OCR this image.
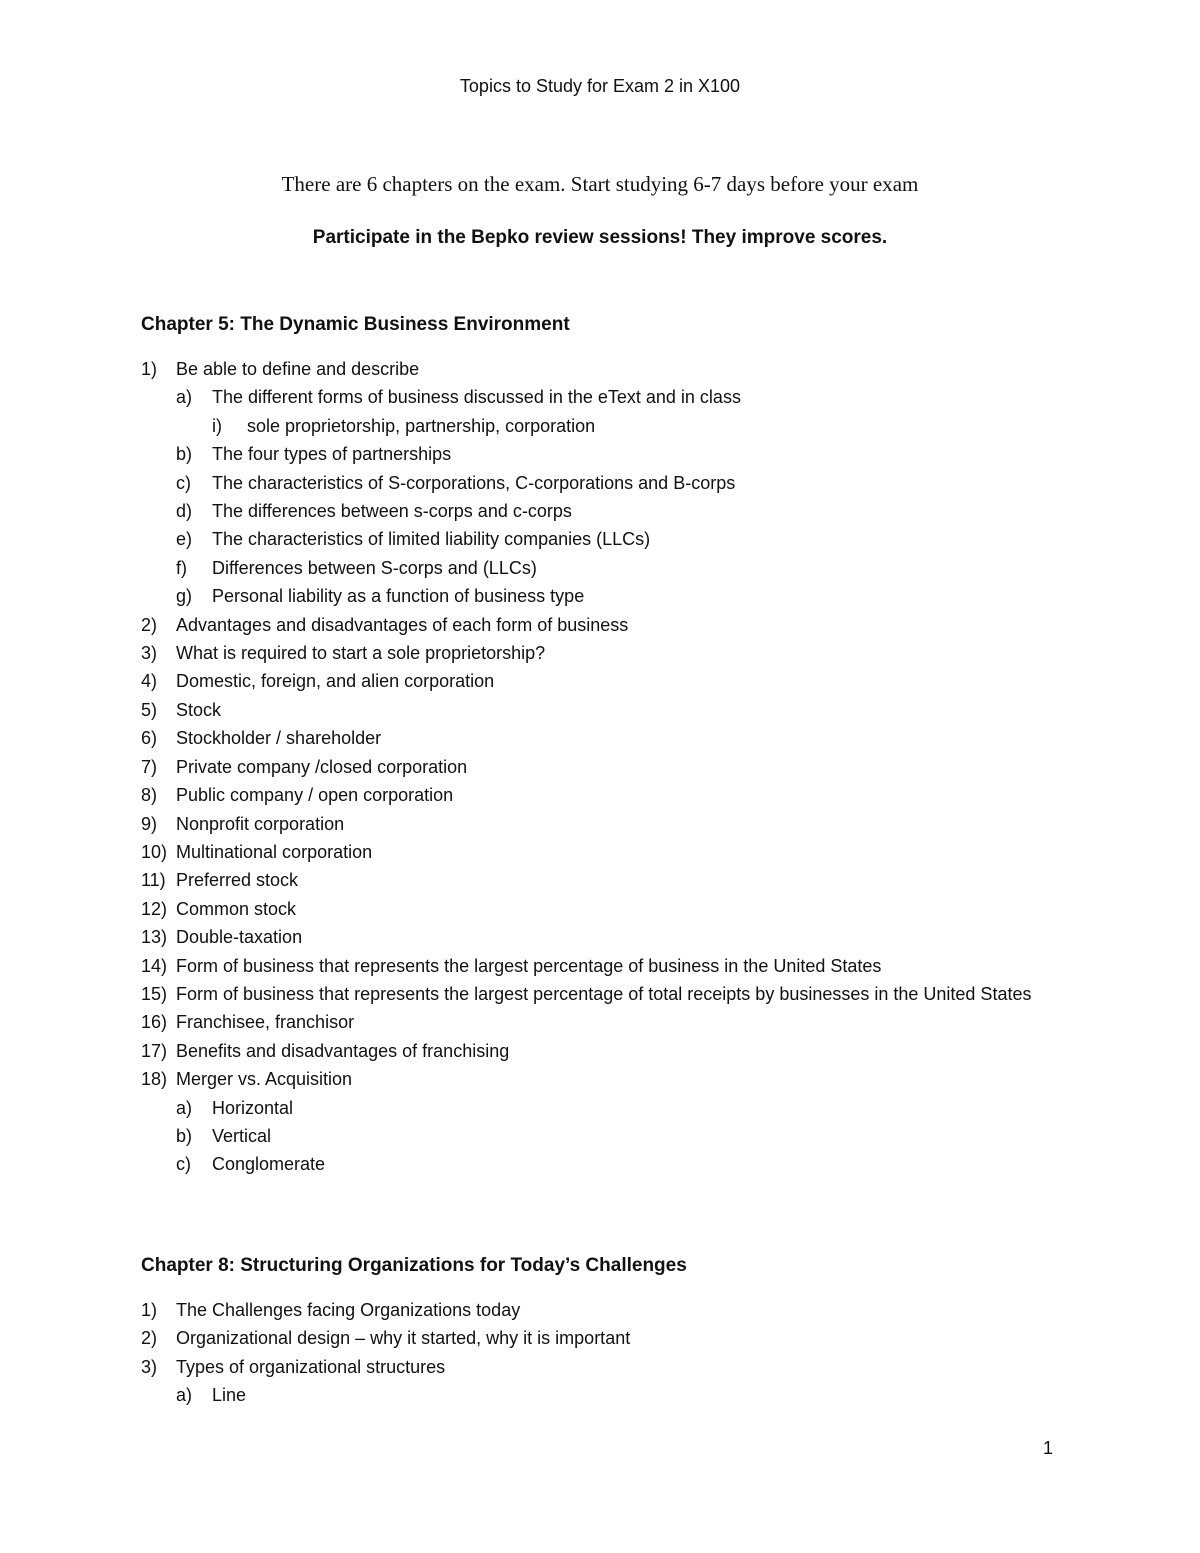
Topics to Study for Exam 2 in X100
There are 6 chapters on the exam. Start studying 6-7 days before your exam
Participate in the Bepko review sessions! They improve scores.
Chapter 5: The Dynamic Business Environment
1)	Be able to define and describe
a)	The different forms of business discussed in the eText and in class
i)	sole proprietorship, partnership, corporation
b)	The four types of partnerships
c)	The characteristics of S-corporations, C-corporations and B-corps
d)	The differences between s-corps and c-corps
e)	The characteristics of limited liability companies (LLCs)
f)	Differences between S-corps and (LLCs)
g)	Personal liability as a function of business type
2)	Advantages and disadvantages of each form of business
3)	What is required to start a sole proprietorship?
4)	Domestic, foreign, and alien corporation
5)	Stock
6)	Stockholder / shareholder
7)	Private company /closed corporation
8)	Public company / open corporation
9)	Nonprofit corporation
10) Multinational corporation
11) Preferred stock
12) Common stock
13) Double-taxation
14) Form of business that represents the largest percentage of business in the United States
15) Form of business that represents the largest percentage of total receipts by businesses in the United States
16) Franchisee, franchisor
17) Benefits and disadvantages of franchising
18) Merger vs. Acquisition
a)	Horizontal
b)	Vertical
c)	Conglomerate
Chapter 8: Structuring Organizations for Today’s Challenges
1)	The Challenges facing Organizations today
2)	Organizational design – why it started, why it is important
3)	Types of organizational structures
a)	Line
1
